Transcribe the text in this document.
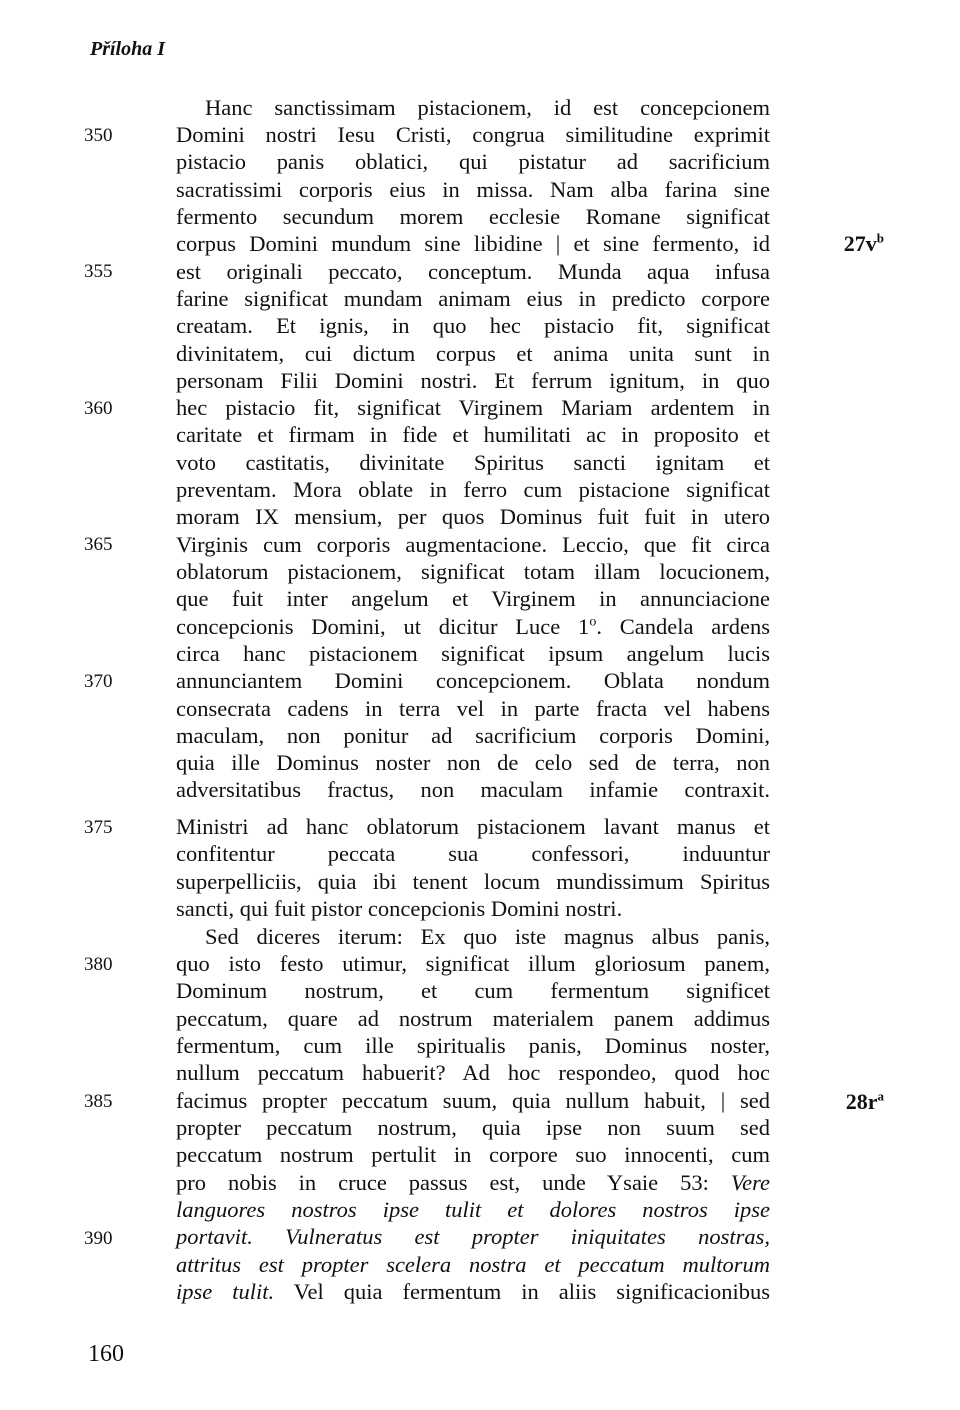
Příloha I
350
355
360
365
370
375
380
385
390
$27v^b$
$28r^a$
Hanc sanctissimam pistacionem, id est concepcionem
Domini nostri Iesu Cristi, congrua similitudine exprimit
pistacio panis oblatici, qui pistatur ad sacrificium
sacratissimi corporis eius in missa. Nam alba farina sine
fermento secundum morem ecclesie Romane significat
corpus Domini mundum sine libidine | et sine fermento, id
est originali peccato, conceptum. Munda aqua infusa
farine significat mundam animam eius in predicto corpore
creatam. Et ignis, in quo hec pistacio fit, significat
divinitatem, cui dictum corpus et anima unita sunt in
personam Filii Domini nostri. Et ferrum ignitum, in quo
hec pistacio fit, significat Virginem Mariam ardentem in
caritate et firmam in fide et humilitati ac in proposito et
voto castitatis, divinitate Spiritus sancti ignitam et
preventam. Mora oblate in ferro cum pistacione significat
moram IX mensium, per quos Dominus fuit fuit in utero
Virginis cum corporis augmentacione. Leccio, que fit circa
oblatorum pistacionem, significat totam illam locucionem,
que fuit inter angelum et Virginem in annunciacione
concepcionis Domini, ut dicitur Luce 1$^o$. Candela ardens
circa hanc pistacionem significat ipsum angelum lucis
annunciantem Domini concepcionem. Oblata nondum
consecrata cadens in terra vel in parte fracta vel habens
maculam, non ponitur ad sacrificium corporis Domini,
quia ille Dominus noster non de celo sed de terra, non
adversitatibus fractus, non maculam infamie contraxit.
Ministri ad hanc oblatorum pistacionem lavant manus et
confitentur peccata sua confessori, induuntur
superpelliciis, quia ibi tenent locum mundissimum Spiritus
sancti, qui fuit pistor concepcionis Domini nostri.
Sed diceres iterum: Ex quo iste magnus albus panis,
quo isto festo utimur, significat illum gloriosum panem,
Dominum nostrum, et cum fermentum significet
peccatum, quare ad nostrum materialem panem addimus
fermentum, cum ille spiritualis panis, Dominus noster,
nullum peccatum habuerit? Ad hoc respondeo, quod hoc
facimus propter peccatum suum, quia nullum habuit, | sed
propter peccatum nostrum, quia ipse non suum sed
peccatum nostrum pertulit in corpore suo innocenti, cum
pro nobis in cruce passus est, unde Ysaie 53: Vere
languores nostros ipse tulit et dolores nostros ipse
portavit. Vulneratus est propter iniquitates nostras,
attritus est propter scelera nostra et peccatum multorum
ipse tulit. Vel quia fermentum in aliis significacionibus
160
